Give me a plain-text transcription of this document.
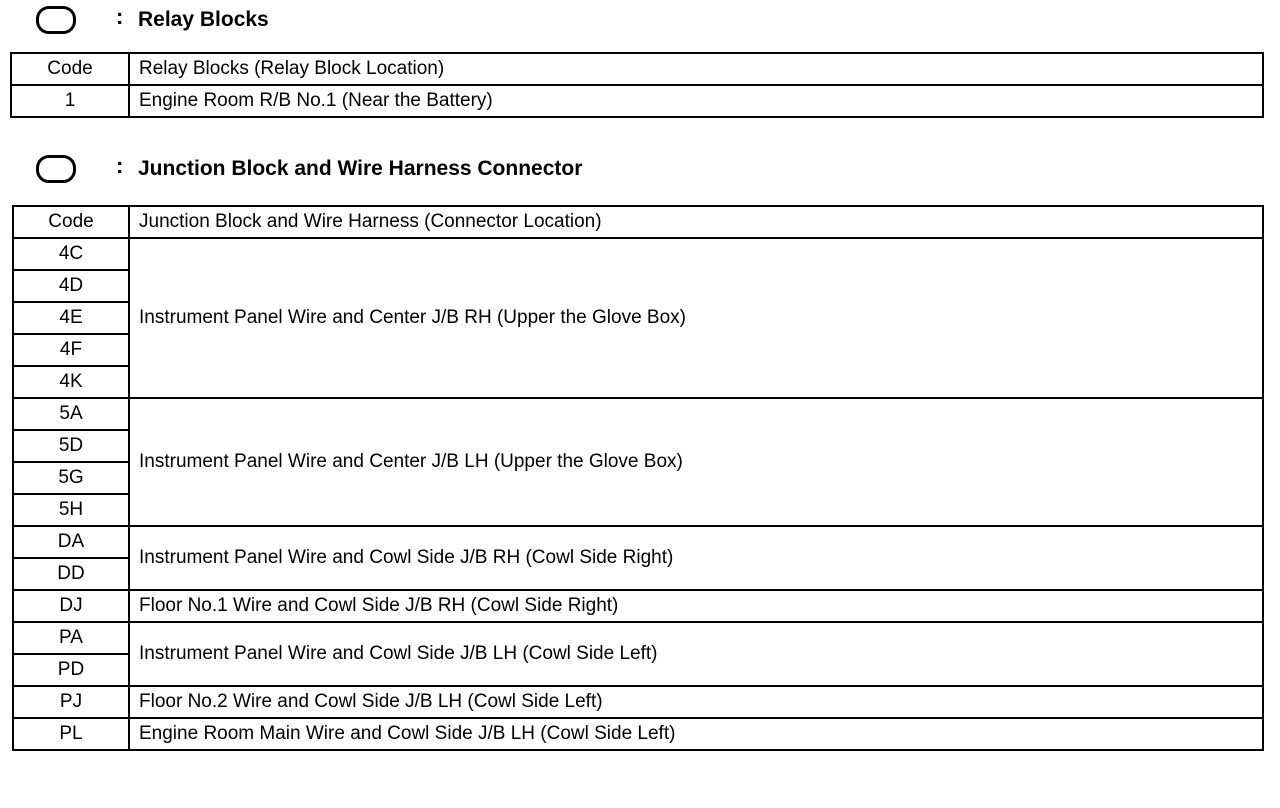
: Relay Blocks
Code	Relay Blocks (Relay Block Location)
1	Engine Room R/B No.1 (Near the Battery)
: Junction Block and Wire Harness Connector
Code	Junction Block and Wire Harness (Connector Location)
4C	Instrument Panel Wire and Center J/B RH (Upper the Glove Box)
4D	
4E	
4F	
4K	
5A	Instrument Panel Wire and Center J/B LH (Upper the Glove Box)
5D	
5G	
5H	
DA	Instrument Panel Wire and Cowl Side J/B RH (Cowl Side Right)
DD	
DJ	Floor No.1 Wire and Cowl Side J/B RH (Cowl Side Right)
PA	Instrument Panel Wire and Cowl Side J/B LH (Cowl Side Left)
PD	
PJ	Floor No.2 Wire and Cowl Side J/B LH (Cowl Side Left)
PL	Engine Room Main Wire and Cowl Side J/B LH (Cowl Side Left)
